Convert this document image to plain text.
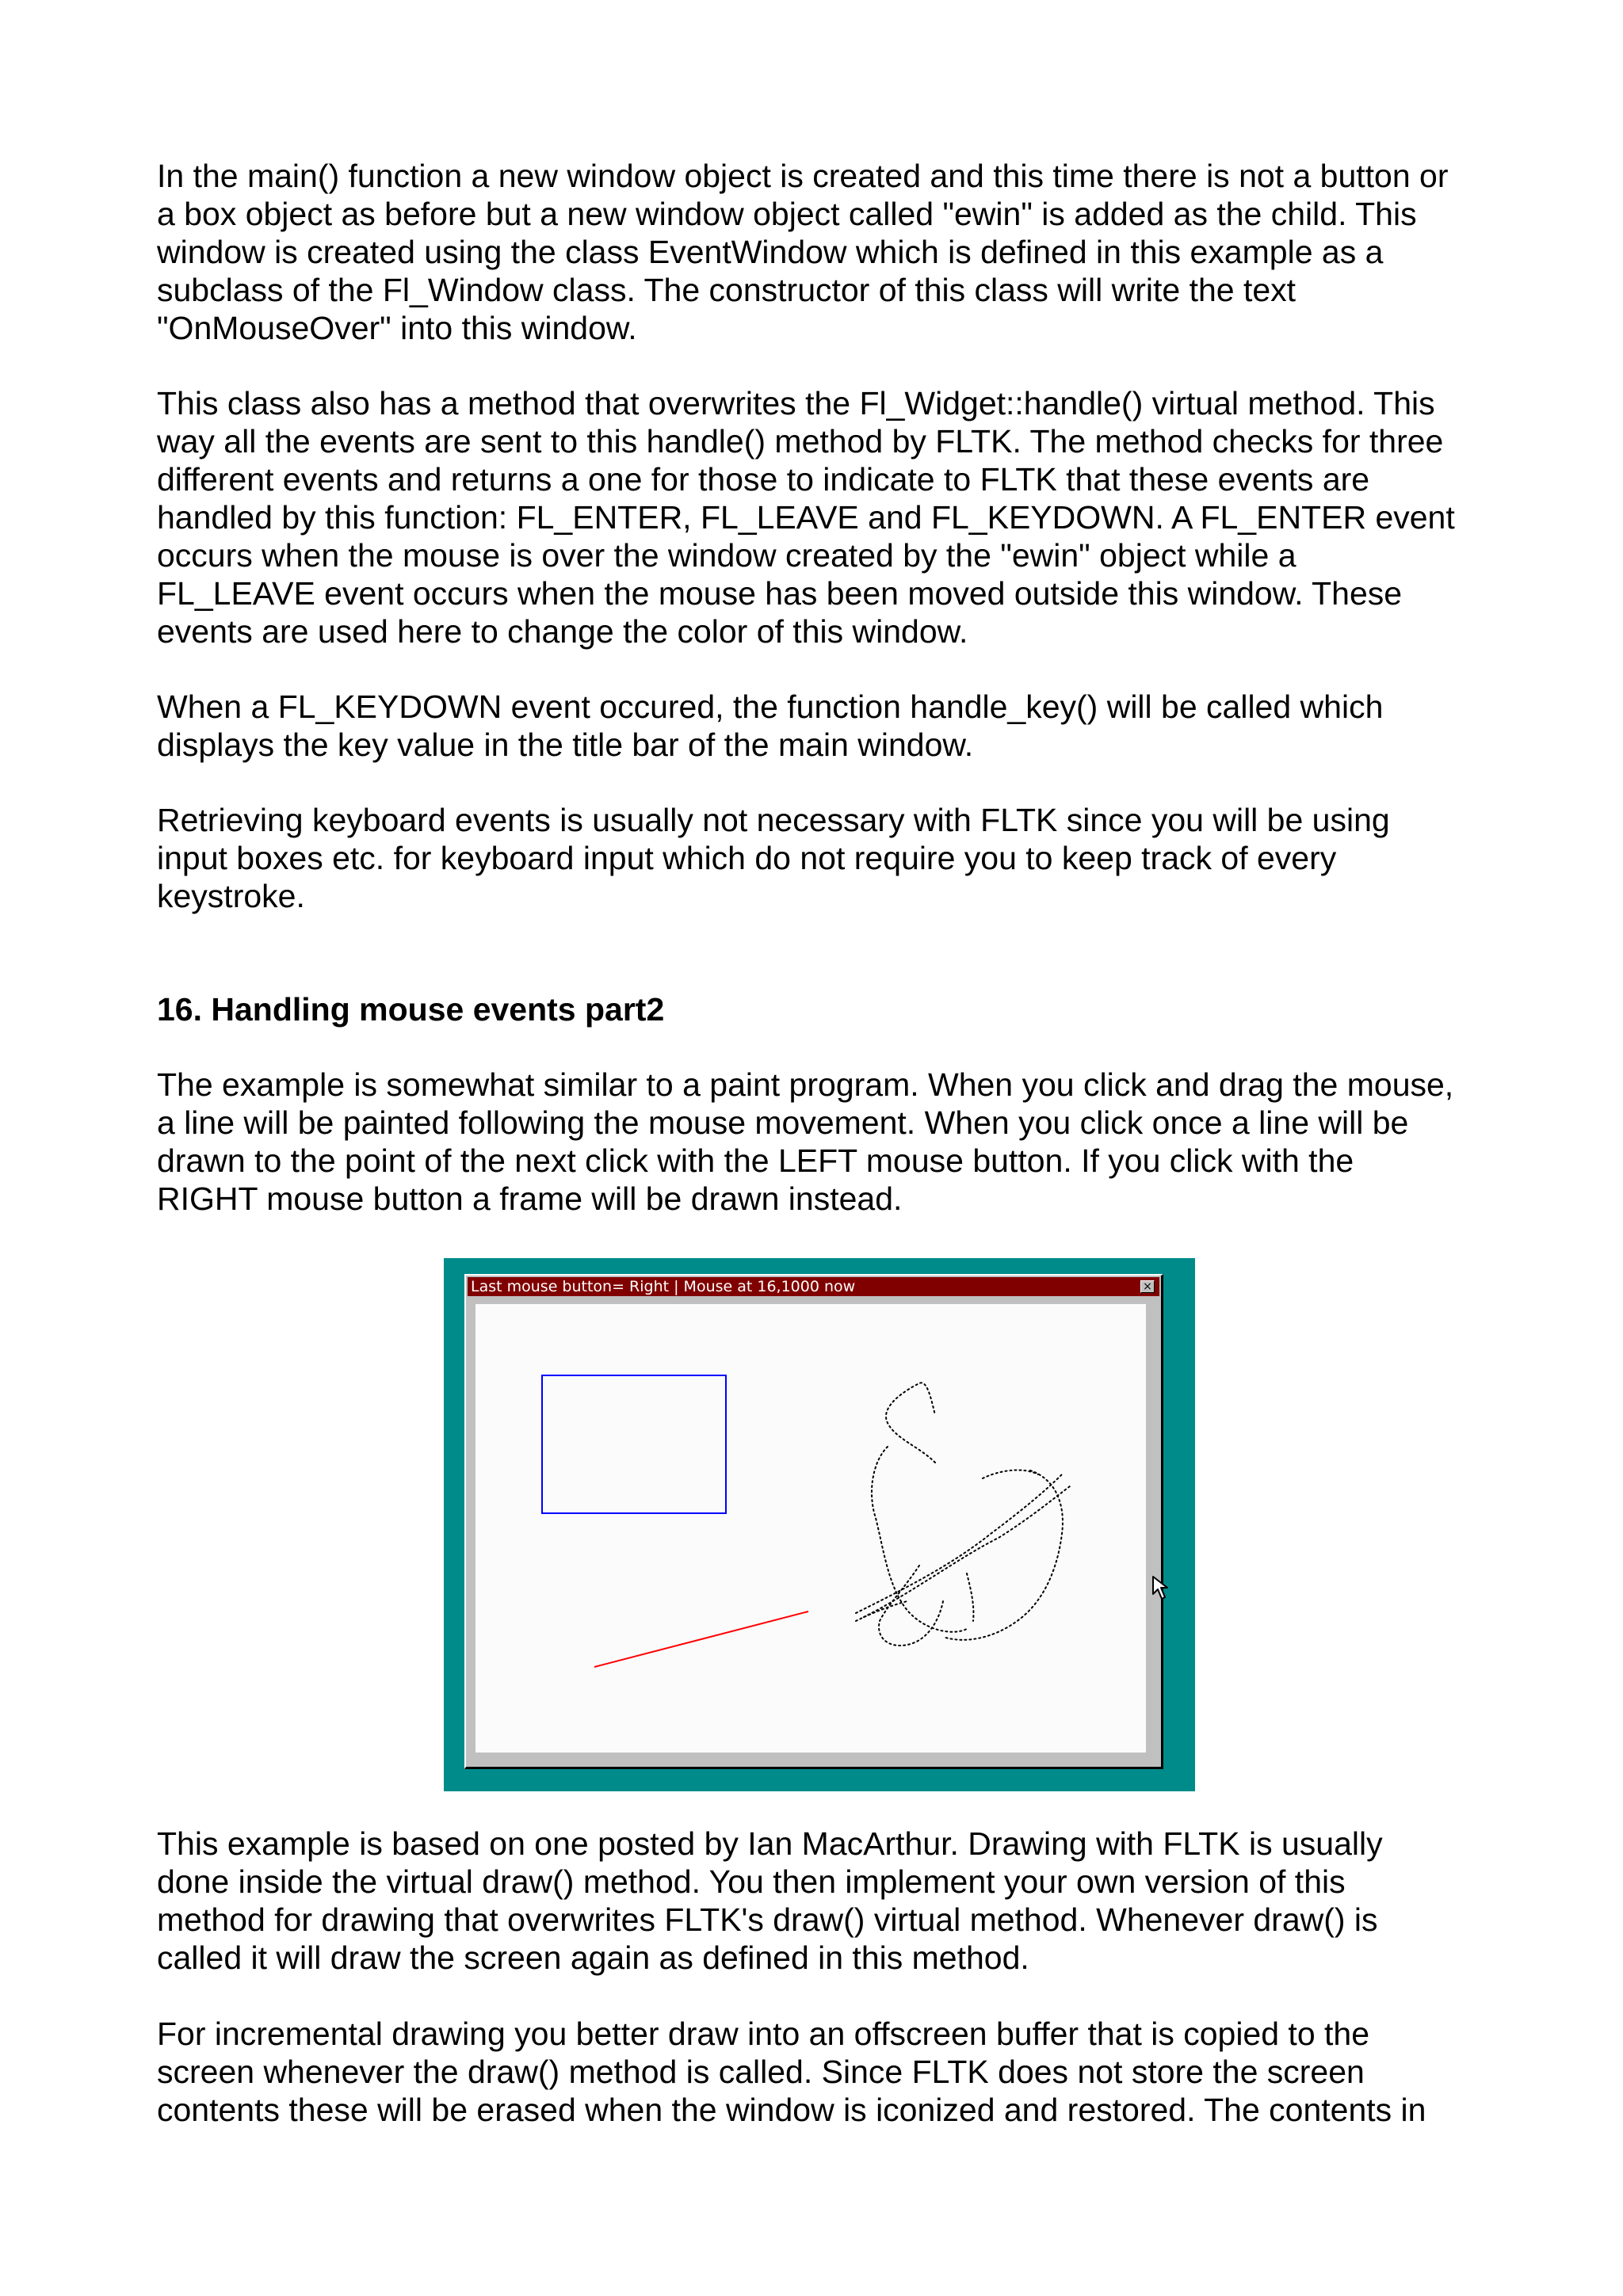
In the main() function a new window object is created and this time there is not a button or
a box object as before but a new window object called "ewin" is added as the child. This
window is created using the class EventWindow which is defined in this example as a
subclass of the Fl_Window class. The constructor of this class will write the text
"OnMouseOver" into this window.

This class also has a method that overwrites the Fl_Widget::handle() virtual method. This
way all the events are sent to this handle() method by FLTK. The method checks for three
different events and returns a one for those to indicate to FLTK that these events are
handled by this function: FL_ENTER, FL_LEAVE and FL_KEYDOWN. A FL_ENTER event
occurs when the mouse is over the window created by the "ewin" object while a
FL_LEAVE event occurs when the mouse has been moved outside this window. These
events are used here to change the color of this window.

When a FL_KEYDOWN event occured, the function handle_key() will be called which
displays the key value in the title bar of the main window.

Retrieving keyboard events is usually not necessary with FLTK since you will be using
input boxes etc. for keyboard input which do not require you to keep track of every
keystroke.

16. Handling mouse events part2

The example is somewhat similar to a paint program. When you click and drag the mouse,
a line will be painted following the mouse movement. When you click once a line will be
drawn to the point of the next click with the LEFT mouse button. If you click with the
RIGHT mouse button a frame will be drawn instead.

Last mouse button= Right | Mouse at 16,1000 now	×

This example is based on one posted by Ian MacArthur. Drawing with FLTK is usually
done inside the virtual draw() method. You then implement your own version of this
method for drawing that overwrites FLTK's draw() virtual method. Whenever draw() is
called it will draw the screen again as defined in this method.

For incremental drawing you better draw into an offscreen buffer that is copied to the
screen whenever the draw() method is called. Since FLTK does not store the screen
contents these will be erased when the window is iconized and restored. The contents in
